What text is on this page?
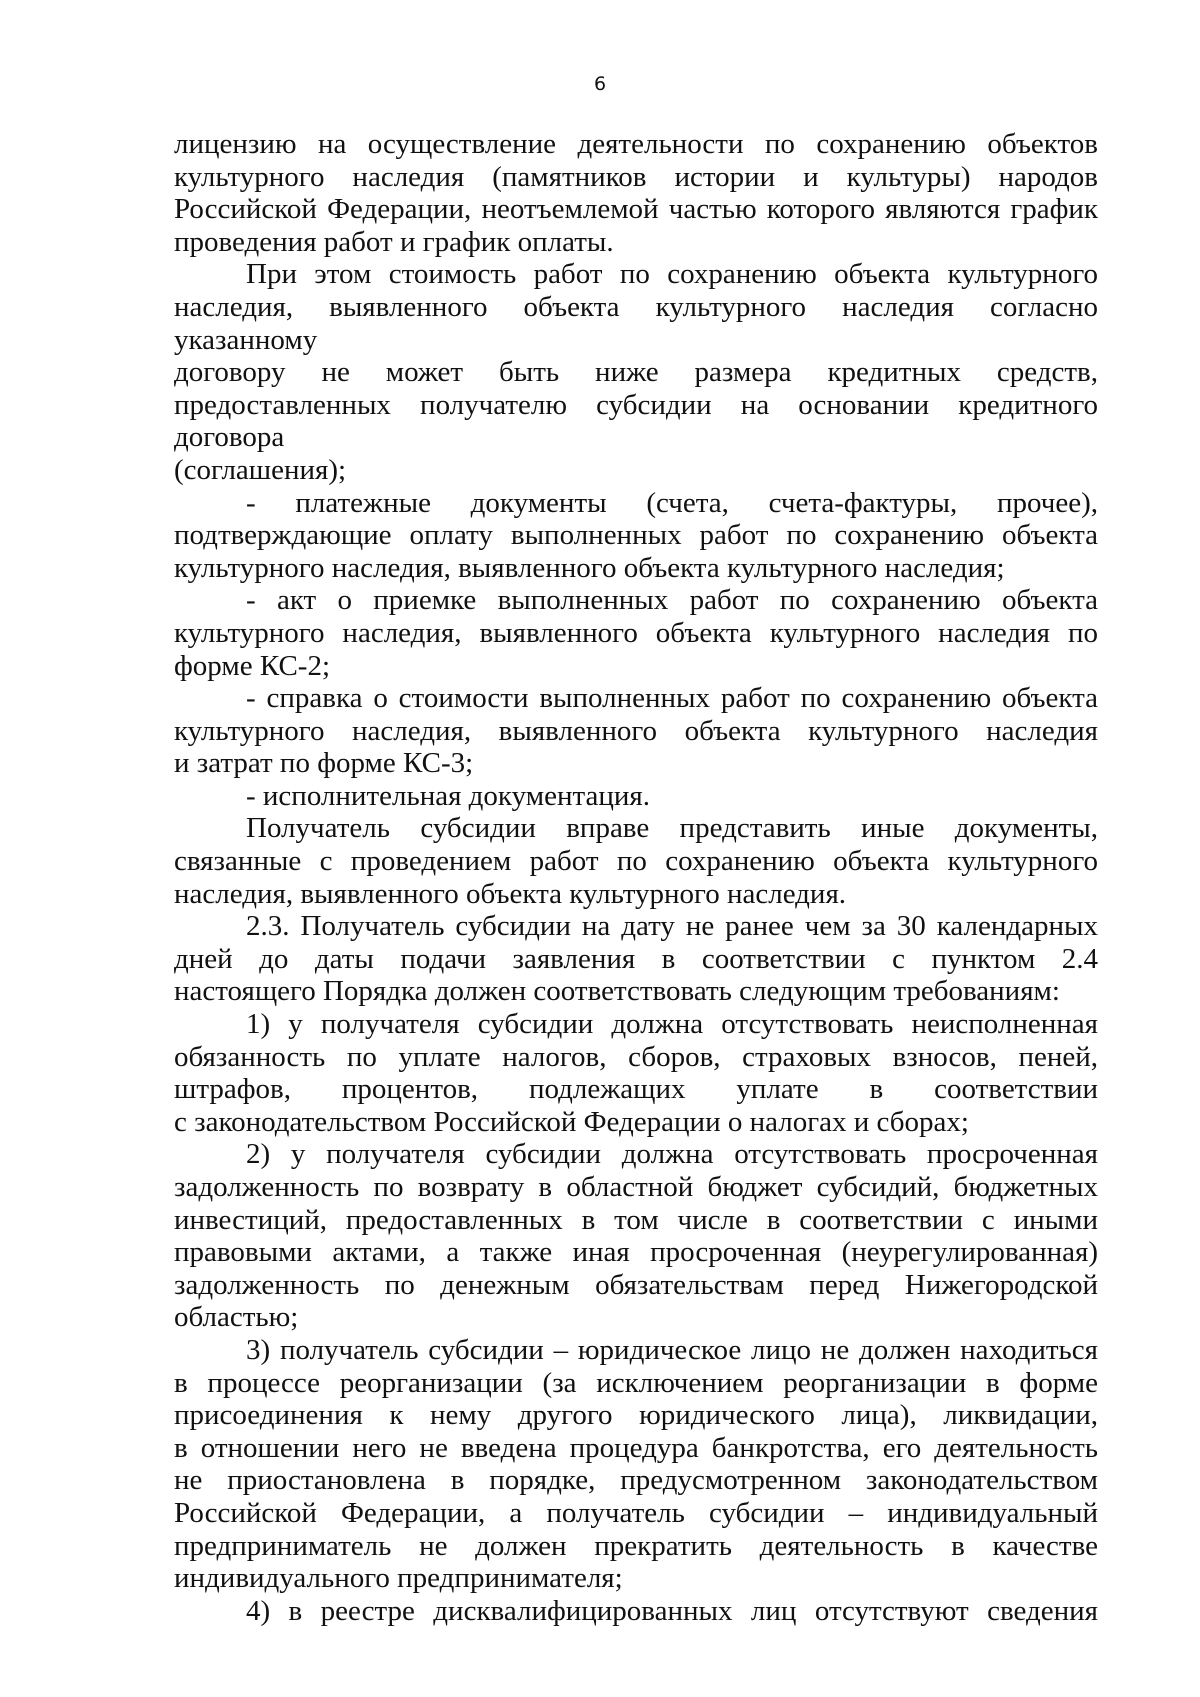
6
лицензию на осуществление деятельности по сохранению объектов
культурного наследия (памятников истории и культуры) народов
Российской Федерации, неотъемлемой частью которого являются график
проведения работ и график оплаты.
При этом стоимость работ по сохранению объекта культурного
наследия, выявленного объекта культурного наследия согласно указанному
договору не может быть ниже размера кредитных средств,
предоставленных получателю субсидии на основании кредитного договора
(соглашения);
- платежные документы (счета, счета-фактуры, прочее),
подтверждающие оплату выполненных работ по сохранению объекта
культурного наследия, выявленного объекта культурного наследия;
- акт о приемке выполненных работ по сохранению объекта
культурного наследия, выявленного объекта культурного наследия по
форме КС-2;
- справка о стоимости выполненных работ по сохранению объекта
культурного наследия, выявленного объекта культурного наследия
и затрат по форме КС-3;
- исполнительная документация.
Получатель субсидии вправе представить иные документы,
связанные с проведением работ по сохранению объекта культурного
наследия, выявленного объекта культурного наследия.
2.3. Получатель субсидии на дату не ранее чем за 30 календарных
дней до даты подачи заявления в соответствии с пунктом 2.4
настоящего Порядка должен соответствовать следующим требованиям:
1) у получателя субсидии должна отсутствовать неисполненная
обязанность по уплате налогов, сборов, страховых взносов, пеней,
штрафов, процентов, подлежащих уплате в соответствии
с законодательством Российской Федерации о налогах и сборах;
2) у получателя субсидии должна отсутствовать просроченная
задолженность по возврату в областной бюджет субсидий, бюджетных
инвестиций, предоставленных в том числе в соответствии с иными
правовыми актами, а также иная просроченная (неурегулированная)
задолженность по денежным обязательствам перед Нижегородской
областью;
3) получатель субсидии – юридическое лицо не должен находиться
в процессе реорганизации (за исключением реорганизации в форме
присоединения к нему другого юридического лица), ликвидации,
в отношении него не введена процедура банкротства, его деятельность
не приостановлена в порядке, предусмотренном законодательством
Российской Федерации, а получатель субсидии – индивидуальный
предприниматель не должен прекратить деятельность в качестве
индивидуального предпринимателя;
4) в реестре дисквалифицированных лиц отсутствуют сведения
